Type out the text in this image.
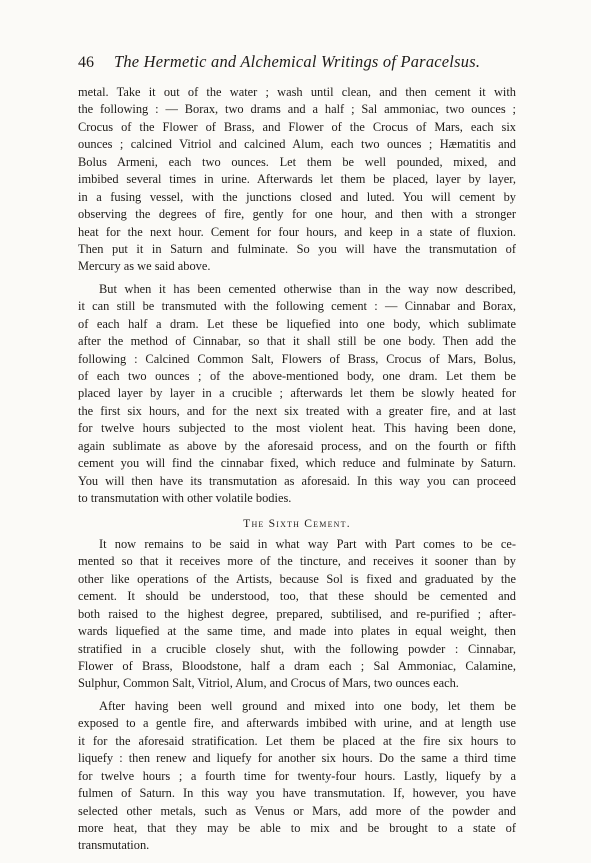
46 The Hermetic and Alchemical Writings of Paracelsus.
metal. Take it out of the water ; wash until clean, and then cement it with
the following : — Borax, two drams and a half ; Sal ammoniac, two ounces ;
Crocus of the Flower of Brass, and Flower of the Crocus of Mars, each six
ounces ; calcined Vitriol and calcined Alum, each two ounces ; Hæmatitis and
Bolus Armeni, each two ounces. Let them be well pounded, mixed, and
imbibed several times in urine. Afterwards let them be placed, layer by layer,
in a fusing vessel, with the junctions closed and luted. You will cement by
observing the degrees of fire, gently for one hour, and then with a stronger
heat for the next hour. Cement for four hours, and keep in a state of fluxion.
Then put it in Saturn and fulminate. So you will have the transmutation of
Mercury as we said above.
But when it has been cemented otherwise than in the way now described,
it can still be transmuted with the following cement : — Cinnabar and Borax,
of each half a dram. Let these be liquefied into one body, which sublimate
after the method of Cinnabar, so that it shall still be one body. Then add the
following : Calcined Common Salt, Flowers of Brass, Crocus of Mars, Bolus,
of each two ounces ; of the above-mentioned body, one dram. Let them be
placed layer by layer in a crucible ; afterwards let them be slowly heated for
the first six hours, and for the next six treated with a greater fire, and at last
for twelve hours subjected to the most violent heat. This having been done,
again sublimate as above by the aforesaid process, and on the fourth or fifth
cement you will find the cinnabar fixed, which reduce and fulminate by Saturn.
You will then have its transmutation as aforesaid. In this way you can proceed
to transmutation with other volatile bodies.
The Sixth Cement.
It now remains to be said in what way Part with Part comes to be ce-
mented so that it receives more of the tincture, and receives it sooner than by
other like operations of the Artists, because Sol is fixed and graduated by the
cement. It should be understood, too, that these should be cemented and
both raised to the highest degree, prepared, subtilised, and re-purified ; after-
wards liquefied at the same time, and made into plates in equal weight, then
stratified in a crucible closely shut, with the following powder : Cinnabar,
Flower of Brass, Bloodstone, half a dram each ; Sal Ammoniac, Calamine,
Sulphur, Common Salt, Vitriol, Alum, and Crocus of Mars, two ounces each.
After having been well ground and mixed into one body, let them be
exposed to a gentle fire, and afterwards imbibed with urine, and at length use
it for the aforesaid stratification. Let them be placed at the fire six hours to
liquefy : then renew and liquefy for another six hours. Do the same a third time
for twelve hours ; a fourth time for twenty-four hours. Lastly, liquefy by a
fulmen of Saturn. In this way you have transmutation. If, however, you have
selected other metals, such as Venus or Mars, add more of the powder and
more heat, that they may be able to mix and be brought to a state of
transmutation.
